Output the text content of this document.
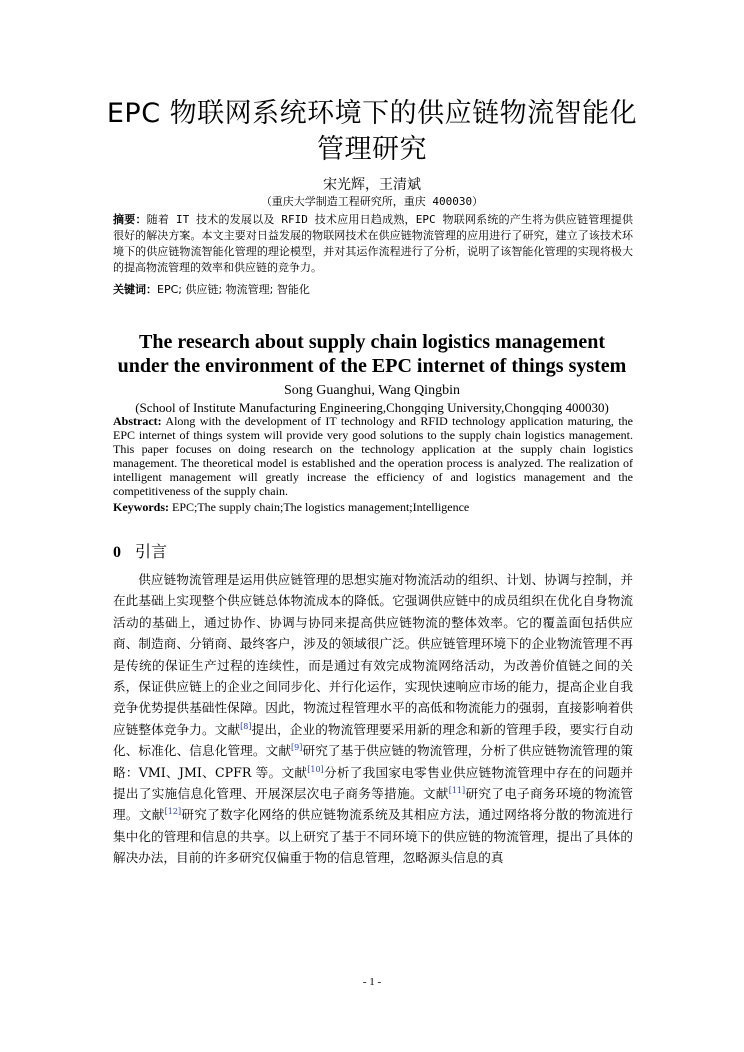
EPC 物联网系统环境下的供应链物流智能化
管理研究
宋光辉，王清斌
（重庆大学制造工程研究所，重庆 400030）
摘要：随着 IT 技术的发展以及 RFID 技术应用日趋成熟，EPC 物联网系统的产生将为供应链管理提供很好的解决方案。本文主要对日益发展的物联网技术在供应链物流管理的应用进行了研究，建立了该技术环境下的供应链物流智能化管理的理论模型，并对其运作流程进行了分析，说明了该智能化管理的实现将极大的提高物流管理的效率和供应链的竞争力。
关键词：EPC; 供应链; 物流管理; 智能化
The research about supply chain logistics management
under the environment of the EPC internet of things system
Song Guanghui, Wang Qingbin
(School of Institute Manufacturing Engineering,Chongqing University,Chongqing 400030)
Abstract: Along with the development of IT technology and RFID technology application maturing, the EPC internet of things system will provide very good solutions to the supply chain logistics management. This paper focuses on doing research on the technology application at the supply chain logistics management. The theoretical model is established and the operation process is analyzed. The realization of intelligent management will greatly increase the efficiency of and logistics management and the competitiveness of the supply chain.
Keywords: EPC;The supply chain;The logistics management;Intelligence
0 引言

供应链物流管理是运用供应链管理的思想实施对物流活动的组织、计划、协调与控制，并在此基础上实现整个供应链总体物流成本的降低。它强调供应链中的成员组织在优化自身物流活动的基础上，通过协作、协调与协同来提高供应链物流的整体效率。它的覆盖面包括供应商、制造商、分销商、最终客户，涉及的领域很广泛。供应链管理环境下的企业物流管理不再是传统的保证生产过程的连续性，而是通过有效完成物流网络活动，为改善价值链之间的关系，保证供应链上的企业之间同步化、并行化运作，实现快速响应市场的能力，提高企业自我竞争优势提供基础性保障。因此，物流过程管理水平的高低和物流能力的强弱，直接影响着供应链整体竞争力。文献[8]提出，企业的物流管理要采用新的理念和新的管理手段，要实行自动化、标准化、信息化管理。文献[9]研究了基于供应链的物流管理，分析了供应链物流管理的策略：VMI、JMI、CPFR 等。文献[10]分析了我国家电零售业供应链物流管理中存在的问题并提出了实施信息化管理、开展深层次电子商务等措施。文献[11]研究了电子商务环境的物流管理。文献[12]研究了数字化网络的供应链物流系统及其相应方法，通过网络将分散的物流进行集中化的管理和信息的共享。以上研究了基于不同环境下的供应链的物流管理，提出了具体的解决办法，目前的许多研究仅偏重于物的信息管理，忽略源头信息的真

- 1 -
